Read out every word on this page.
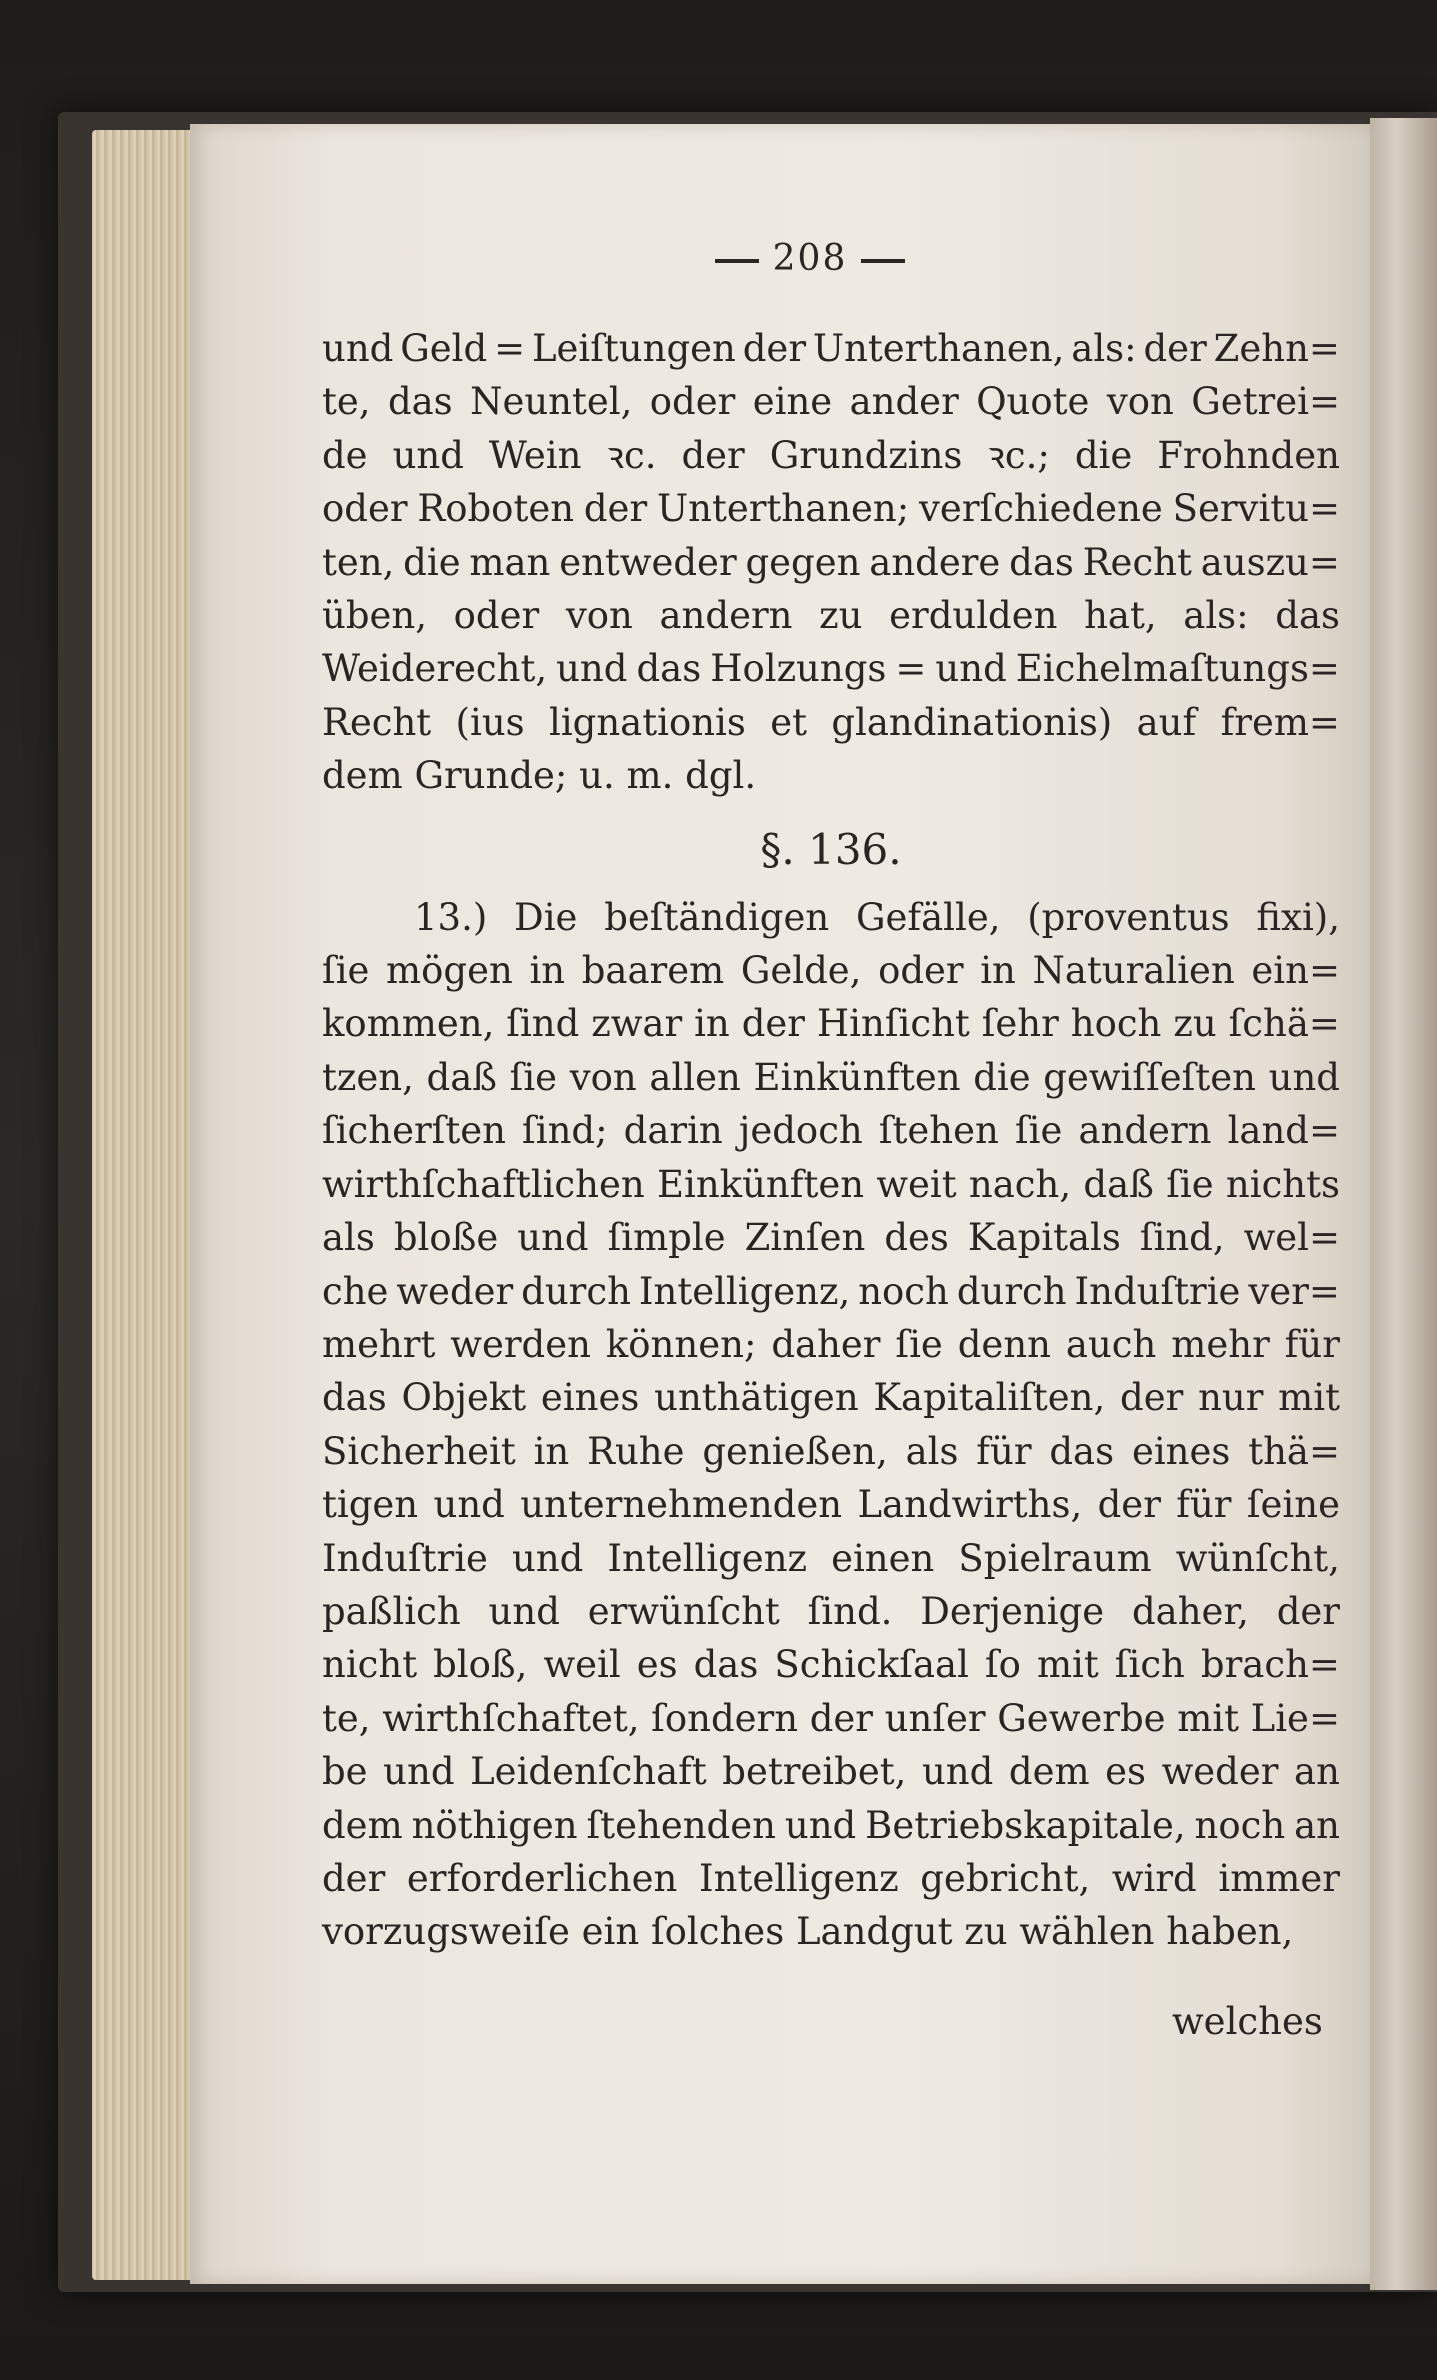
208
und Geld = Leiſtungen der Unterthanen, als: der Zehn=
te, das Neuntel, oder eine ander Quote von Getrei=
de und Wein ꝛc. der Grundzins ꝛc.; die Frohnden
oder Roboten der Unterthanen; verſchiedene Servitu=
ten, die man entweder gegen andere das Recht auszu=
üben, oder von andern zu erdulden hat, als: das
Weiderecht, und das Holzungs = und Eichelmaſtungs=
Recht (ius lignationis et glandinationis) auf frem=
dem
Grunde;
u.
m.
dgl.
§. 136.
13.) Die beſtändigen Gefälle, (proventus fixi),
ſie mögen in baarem Gelde, oder in Naturalien ein=
kommen, ſind zwar in der Hinſicht ſehr hoch zu ſchä=
tzen, daß ſie von allen Einkünften die gewiſſeſten und
ſicherſten ſind; darin jedoch ſtehen ſie andern land=
wirthſchaftlichen Einkünften weit nach, daß ſie nichts
als bloße und ſimple Zinſen des Kapitals ſind, wel=
che weder durch Intelligenz, noch durch Induſtrie ver=
mehrt werden können; daher ſie denn auch mehr für
das Objekt eines unthätigen Kapitaliſten, der nur mit
Sicherheit in Ruhe genießen, als für das eines thä=
tigen und unternehmenden Landwirths, der für ſeine
Induſtrie und Intelligenz einen Spielraum wünſcht,
paßlich und erwünſcht ſind. Derjenige daher, der
nicht bloß, weil es das Schickſaal ſo mit ſich brach=
te, wirthſchaftet, ſondern der unſer Gewerbe mit Lie=
be und Leidenſchaft betreibet, und dem es weder an
dem nöthigen ſtehenden und Betriebskapitale, noch an
der erforderlichen Intelligenz gebricht, wird immer
vorzugsweiſe
ein
ſolches
Landgut
zu
wählen
haben,
welches
